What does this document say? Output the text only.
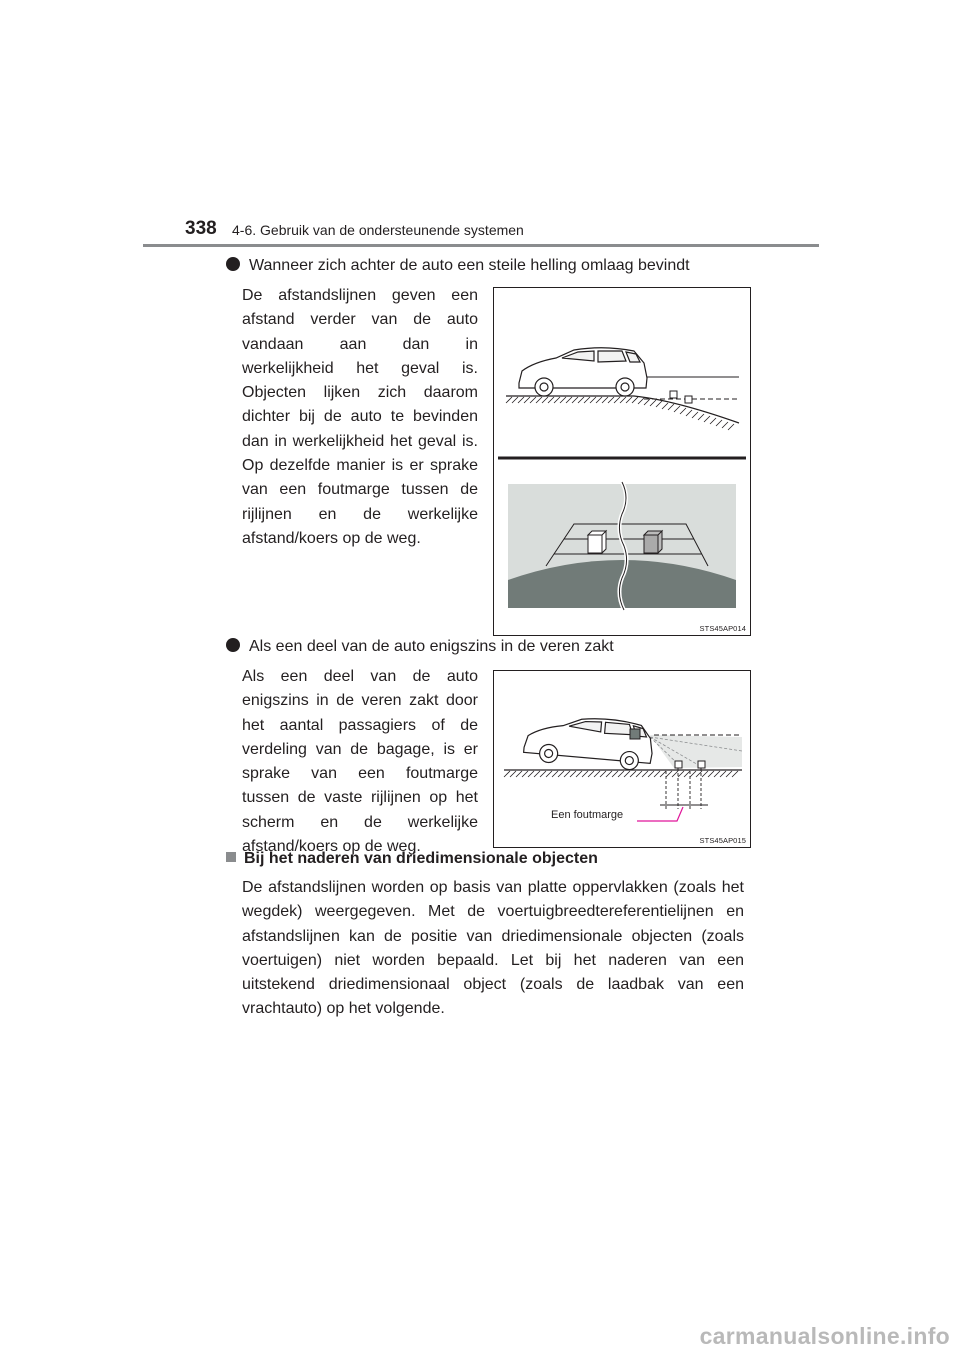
338 4-6. Gebruik van de ondersteunende systemen
Wanneer zich achter de auto een steile helling omlaag bevindt
De afstandslijnen geven een afstand verder van de auto vandaan aan dan in werkelijkheid het geval is. Objecten lijken zich daarom dichter bij de auto te bevinden dan in werkelijkheid het geval is. Op dezelfde manier is er sprake van een foutmarge tussen de rijlijnen en de werkelijke afstand/koers op de weg.
STS45AP014
Als een deel van de auto enigszins in de veren zakt
Als een deel van de auto enigszins in de veren zakt door het aantal passagiers of de verdeling van de bagage, is er sprake van een foutmarge tussen de vaste rijlijnen op het scherm en de werkelijke afstand/koers op de weg.
Een foutmarge
STS45AP015
Bij het naderen van driedimensionale objecten
De afstandslijnen worden op basis van platte oppervlakken (zoals het wegdek) weergegeven. Met de voertuigbreedtereferentielijnen en afstandslijnen kan de positie van driedimensionale objecten (zoals voertuigen) niet worden bepaald. Let bij het naderen van een uitstekend driedimensionaal object (zoals de laadbak van een vrachtauto) op het volgende.
carmanualsonline.info
